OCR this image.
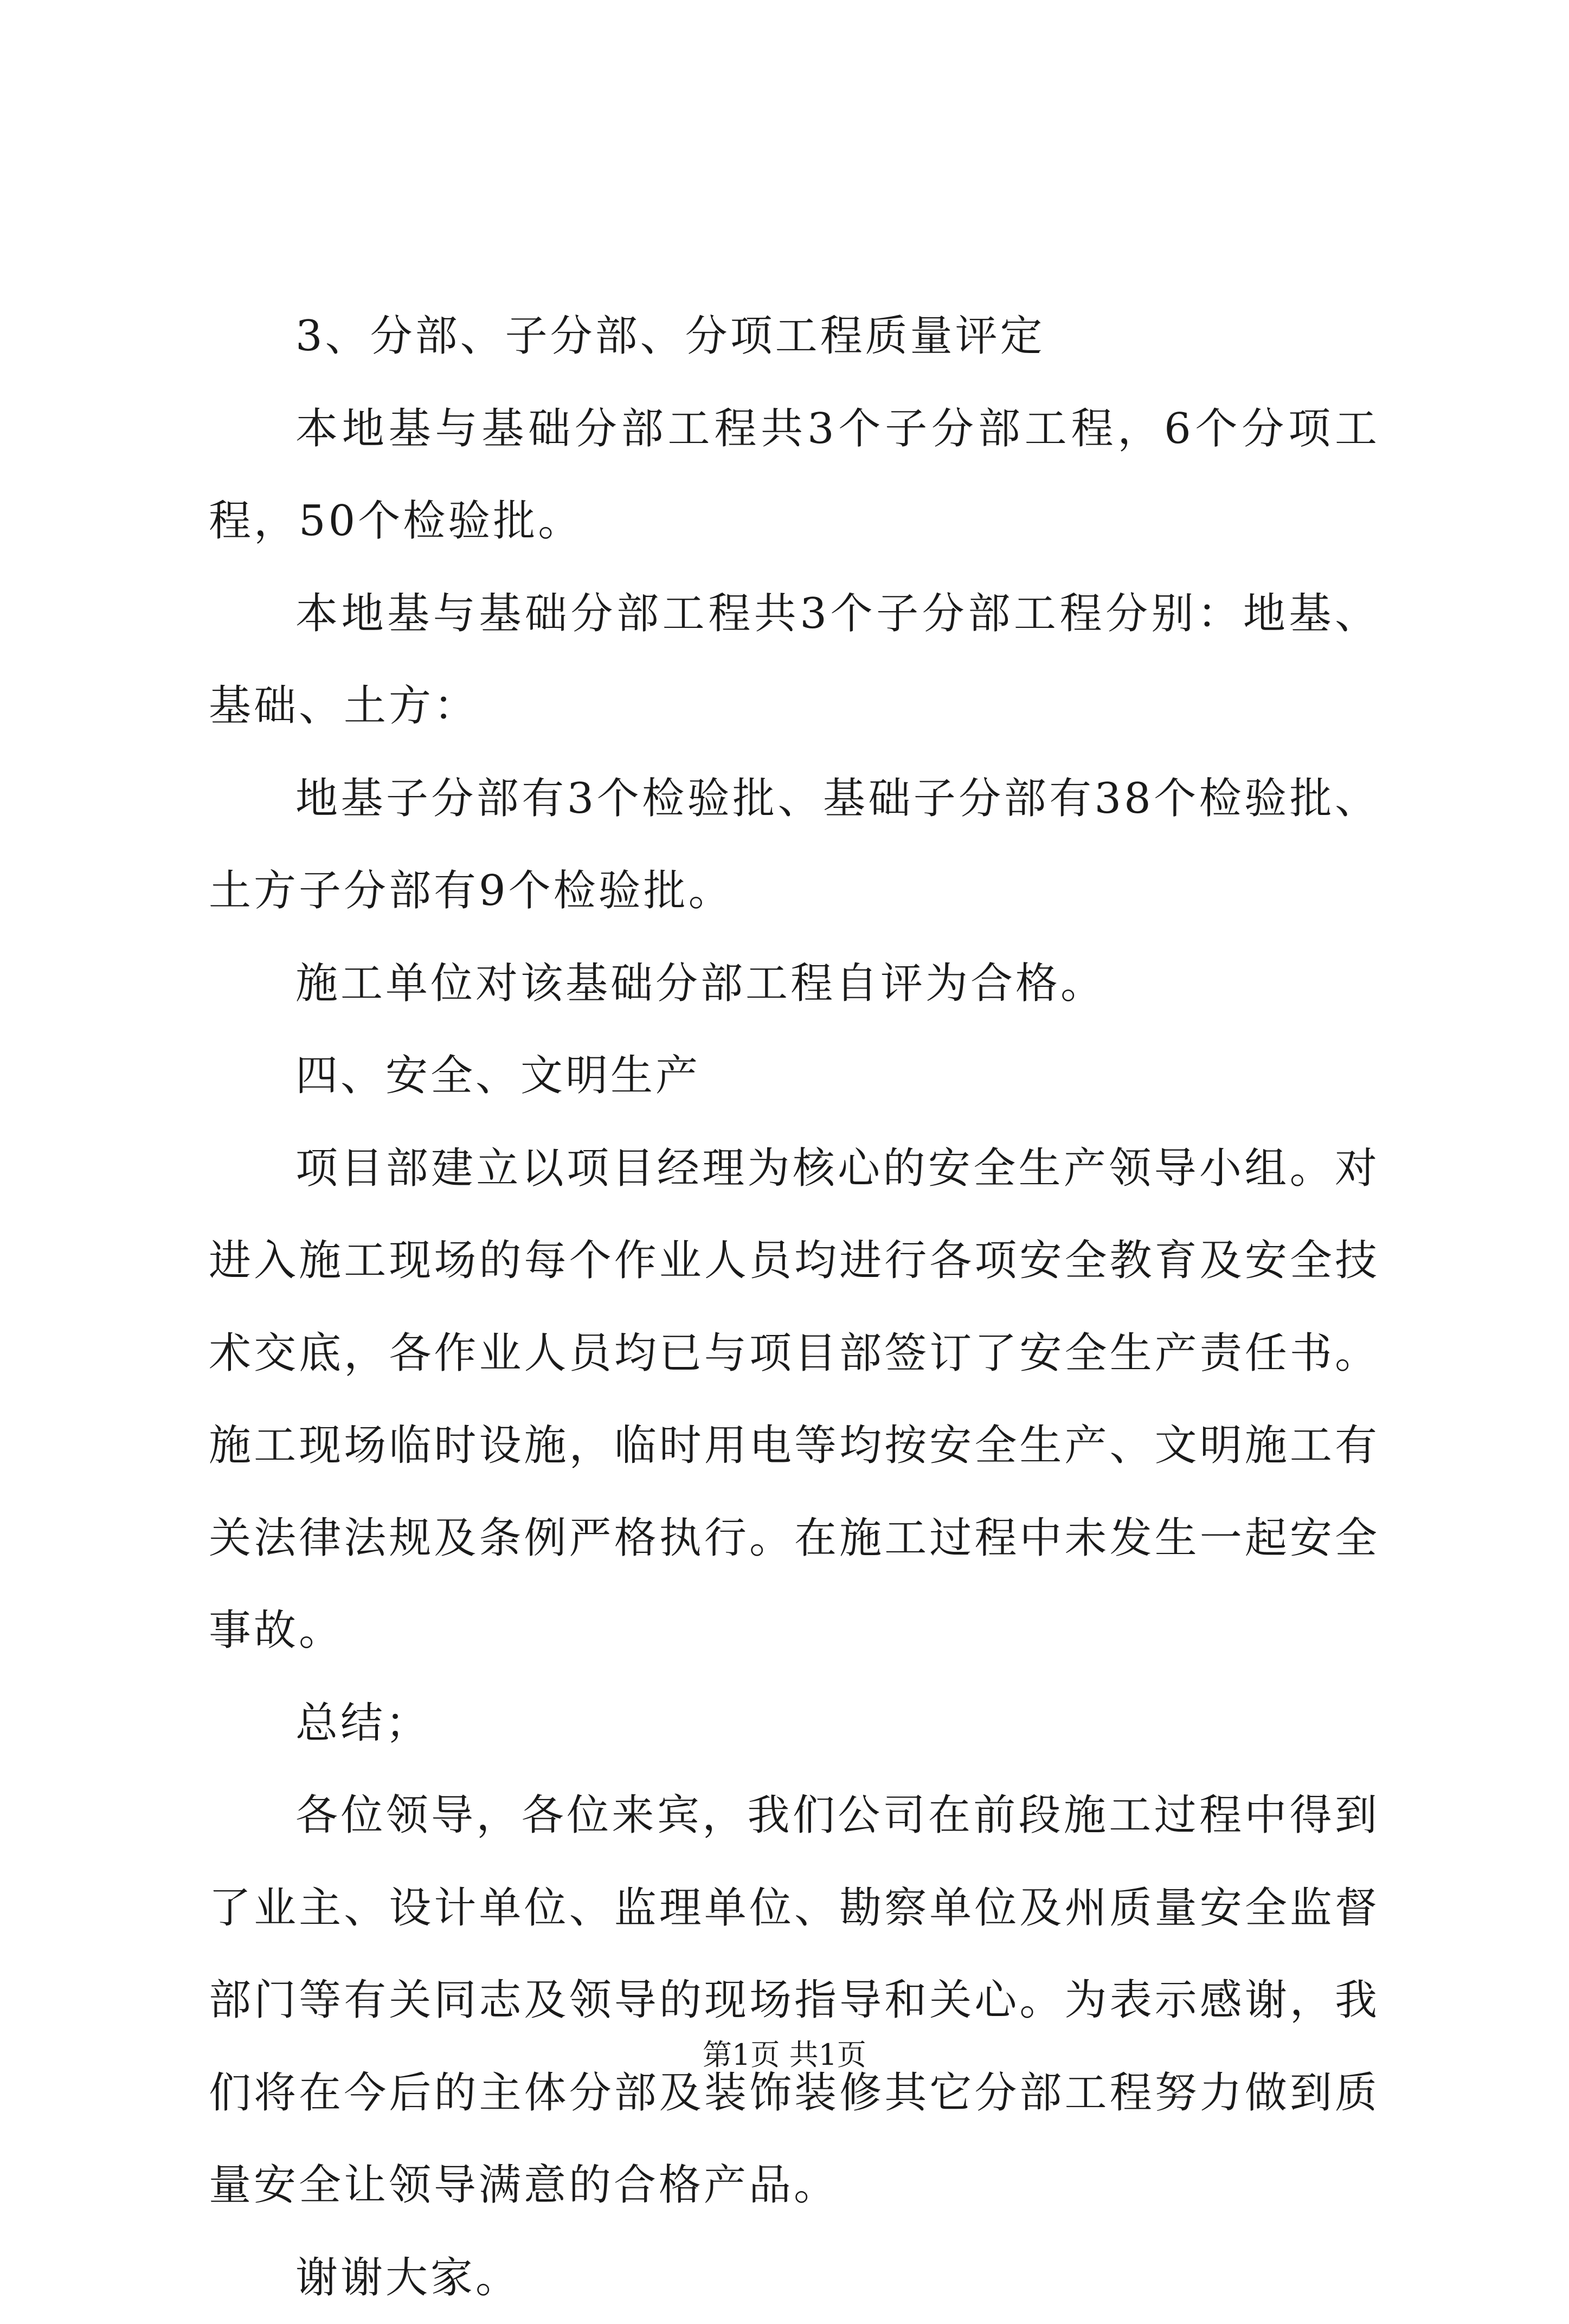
3、分部、子分部、分项工程质量评定

本地基与基础分部工程共3个子分部工程，6个分项工程，50个检验批。

本地基与基础分部工程共3个子分部工程分别：地基、基础、土方：

地基子分部有3个检验批、基础子分部有38个检验批、土方子分部有9个检验批。

施工单位对该基础分部工程自评为合格。

四、安全、文明生产

项目部建立以项目经理为核心的安全生产领导小组。对进入施工现场的每个作业人员均进行各项安全教育及安全技术交底，各作业人员均已与项目部签订了安全生产责任书。施工现场临时设施，临时用电等均按安全生产、文明施工有关法律法规及条例严格执行。在施工过程中未发生一起安全事故。

总结；

各位领导，各位来宾，我们公司在前段施工过程中得到了业主、设计单位、监理单位、勘察单位及州质量安全监督部门等有关同志及领导的现场指导和关心。为表示感谢，我们将在今后的主体分部及装饰装修其它分部工程努力做到质量安全让领导满意的合格产品。

谢谢大家。

第1页 共1页
